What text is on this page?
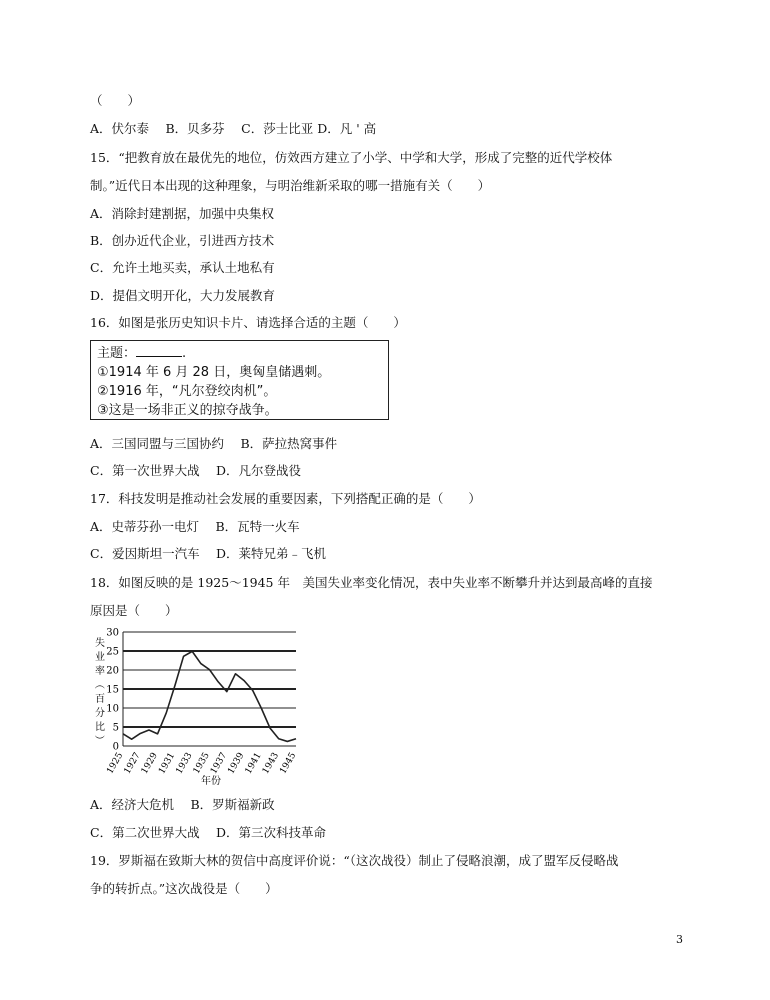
（　　）
A．伏尔泰　 B．贝多芬　 C．莎士比亚 D．凡 ' 高
15．“把教育放在最优先的地位，仿效西方建立了小学、中学和大学，形成了完整的近代学校体
制。”近代日本出现的这种理象，与明治维新采取的哪一措施有关（　　）
A．消除封建割据，加强中央集权
B．创办近代企业，引进西方技术
C．允许土地买卖，承认土地私有
D．提倡文明开化，大力发展教育
16．如图是张历史知识卡片、请选择合适的主题（　　）
主题：	.
①1914 年 6 月 28 日，奥匈皇储遇刺。
②1916 年，“凡尔登绞肉机”。
③这是一场非正义的掠夺战争。
A．三国同盟与三国协约　 B．萨拉热窝事件
C．第一次世界大战　 D．凡尔登战役
17．科技发明是推动社会发展的重要因素，下列搭配正确的是（　　）
A．史蒂芬孙一电灯　 B．瓦特一火车
C．爱因斯坦一汽车　 D．莱特兄弟﹣飞机
18．如图反映的是 1925～1945 年　美国失业率变化情况，表中失业率不断攀升并达到最高峰的直接
原因是（　　）
0
5
10
15
20
25
30
1925
1927
1929
1931
1933
1935
1937
1939
1941
1943
1945
失
业
率
（
百
分
比
）
年份
A．经济大危机　 B．罗斯福新政
C．第二次世界大战　 D．第三次科技革命
19．罗斯福在致斯大林的贺信中高度评价说：“（这次战役）制止了侵略浪潮，成了盟军反侵略战
争的转折点。”这次战役是（　　）
3
